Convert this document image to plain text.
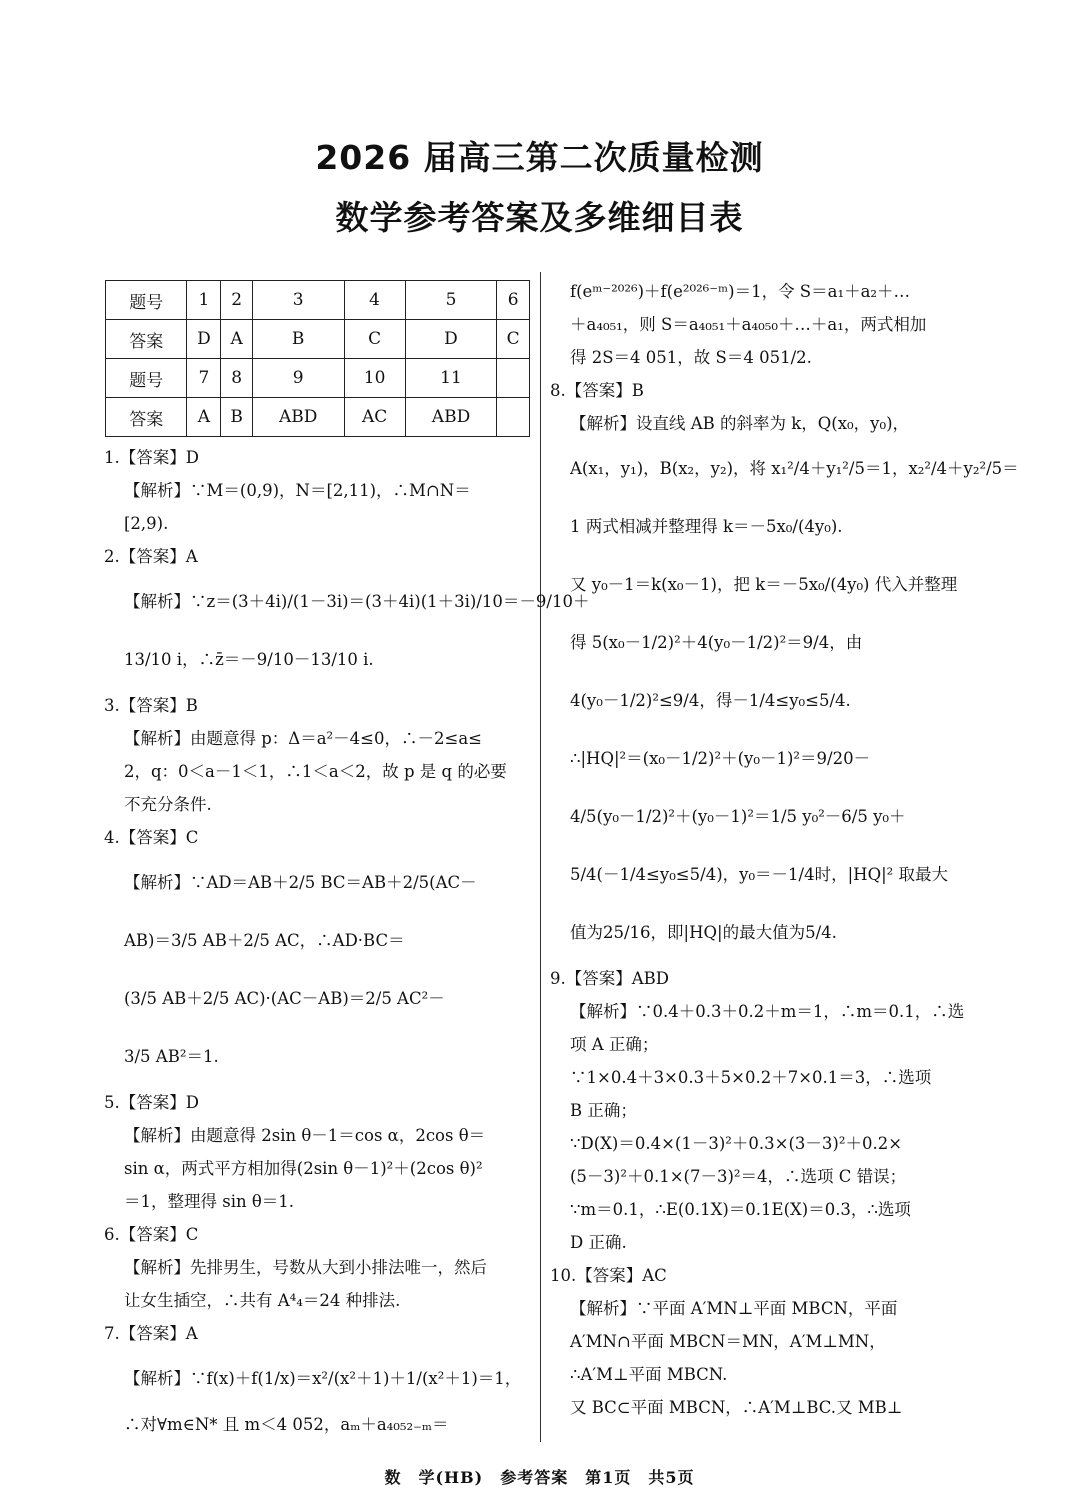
2026 届高三第二次质量检测
数学参考答案及多维细目表
题号	1	2	3	4	5	6
答案	D	A	B	C	D	C
题号	7	8	9	10	11	
答案	A	B	ABD	AC	ABD	
1.【答案】D
【解析】∵M＝(0,9)，N＝[2,11)，∴M∩N＝
[2,9).
2.【答案】A
【解析】∵z＝(3＋4i)/(1－3i)＝(3＋4i)(1＋3i)/10＝－9/10＋
13/10 i，∴z̄＝－9/10－13/10 i.
3.【答案】B
【解析】由题意得 p：Δ＝a²－4≤0，∴－2≤a≤
2，q：0＜a－1＜1，∴1＜a＜2，故 p 是 q 的必要
不充分条件.
4.【答案】C
【解析】∵AD＝AB＋2/5 BC＝AB＋2/5(AC－
AB)＝3/5 AB＋2/5 AC，∴AD·BC＝
(3/5 AB＋2/5 AC)·(AC－AB)＝2/5 AC²－
3/5 AB²＝1.
5.【答案】D
【解析】由题意得 2sin θ－1＝cos α，2cos θ＝
sin α，两式平方相加得(2sin θ－1)²＋(2cos θ)²
＝1，整理得 sin θ＝1.
6.【答案】C
【解析】先排男生，号数从大到小排法唯一，然后
让女生插空，∴共有 A⁴₄＝24 种排法.
7.【答案】A
【解析】∵f(x)＋f(1/x)＝x²/(x²＋1)＋1/(x²＋1)＝1，
∴对∀m∈N* 且 m＜4 052，aₘ＋a₄₀₅₂₋ₘ＝
f(eᵐ⁻²⁰²⁶)＋f(e²⁰²⁶⁻ᵐ)＝1，令 S＝a₁＋a₂＋…
＋a₄₀₅₁，则 S＝a₄₀₅₁＋a₄₀₅₀＋…＋a₁，两式相加
得 2S＝4 051，故 S＝4 051/2.
8.【答案】B
【解析】设直线 AB 的斜率为 k，Q(x₀，y₀)，
A(x₁，y₁)，B(x₂，y₂)，将 x₁²/4＋y₁²/5＝1，x₂²/4＋y₂²/5＝
1 两式相减并整理得 k＝－5x₀/(4y₀).
又 y₀－1＝k(x₀－1)，把 k＝－5x₀/(4y₀) 代入并整理
得 5(x₀－1/2)²＋4(y₀－1/2)²＝9/4，由
4(y₀－1/2)²≤9/4，得－1/4≤y₀≤5/4.
∴|HQ|²＝(x₀－1/2)²＋(y₀－1)²＝9/20－
4/5(y₀－1/2)²＋(y₀－1)²＝1/5 y₀²－6/5 y₀＋
5/4(－1/4≤y₀≤5/4)，y₀＝－1/4时，|HQ|² 取最大
值为25/16，即|HQ|的最大值为5/4.
9.【答案】ABD
【解析】∵0.4＋0.3＋0.2＋m＝1，∴m＝0.1，∴选
项 A 正确；
∵1×0.4＋3×0.3＋5×0.2＋7×0.1＝3，∴选项
B 正确；
∵D(X)＝0.4×(1－3)²＋0.3×(3－3)²＋0.2×
(5－3)²＋0.1×(7－3)²＝4，∴选项 C 错误；
∵m＝0.1，∴E(0.1X)＝0.1E(X)＝0.3，∴选项
D 正确.
10.【答案】AC
【解析】∵平面 A′MN⊥平面 MBCN，平面
A′MN∩平面 MBCN＝MN，A′M⊥MN，
∴A′M⊥平面 MBCN.
又 BC⊂平面 MBCN，∴A′M⊥BC.又 MB⊥
数　学(HB)　参考答案　第1页　共5页
